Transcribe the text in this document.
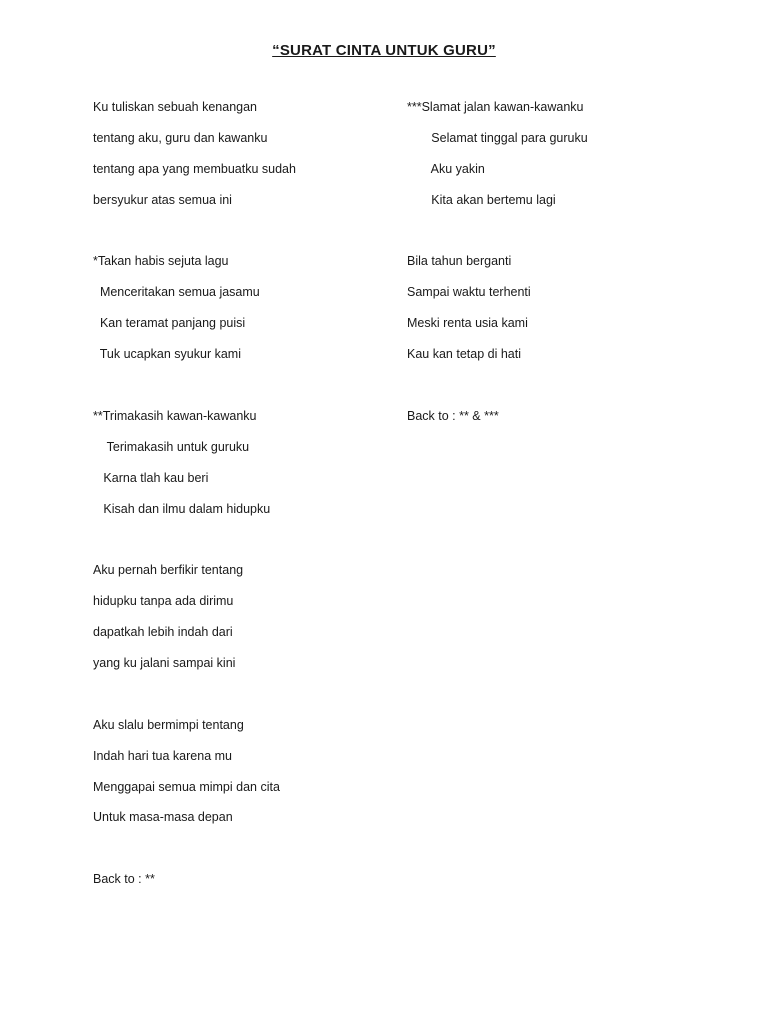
“SURAT CINTA UNTUK GURU”
Ku tuliskan sebuah kenangan
tentang aku, guru dan kawanku
tentang apa yang membuatku sudah
bersyukur atas semua ini
*Takan habis sejuta lagu
Menceritakan semua jasamu
Kan teramat panjang puisi
Tuk ucapkan syukur kami
**Trimakasih kawan-kawanku
Terimakasih untuk guruku
Karna tlah kau beri
Kisah dan ilmu dalam hidupku
Aku pernah berfikir tentang
hidupku tanpa ada dirimu
dapatkah lebih indah dari
yang ku jalani sampai kini
Aku slalu bermimpi tentang
Indah hari tua karena mu
Menggapai semua mimpi dan cita
Untuk masa-masa depan
Back to : **
***Slamat jalan kawan-kawanku
Selamat tinggal para guruku
Aku yakin
Kita akan bertemu lagi
Bila tahun berganti
Sampai waktu terhenti
Meski renta usia kami
Kau kan tetap di hati
Back to : ** & ***
